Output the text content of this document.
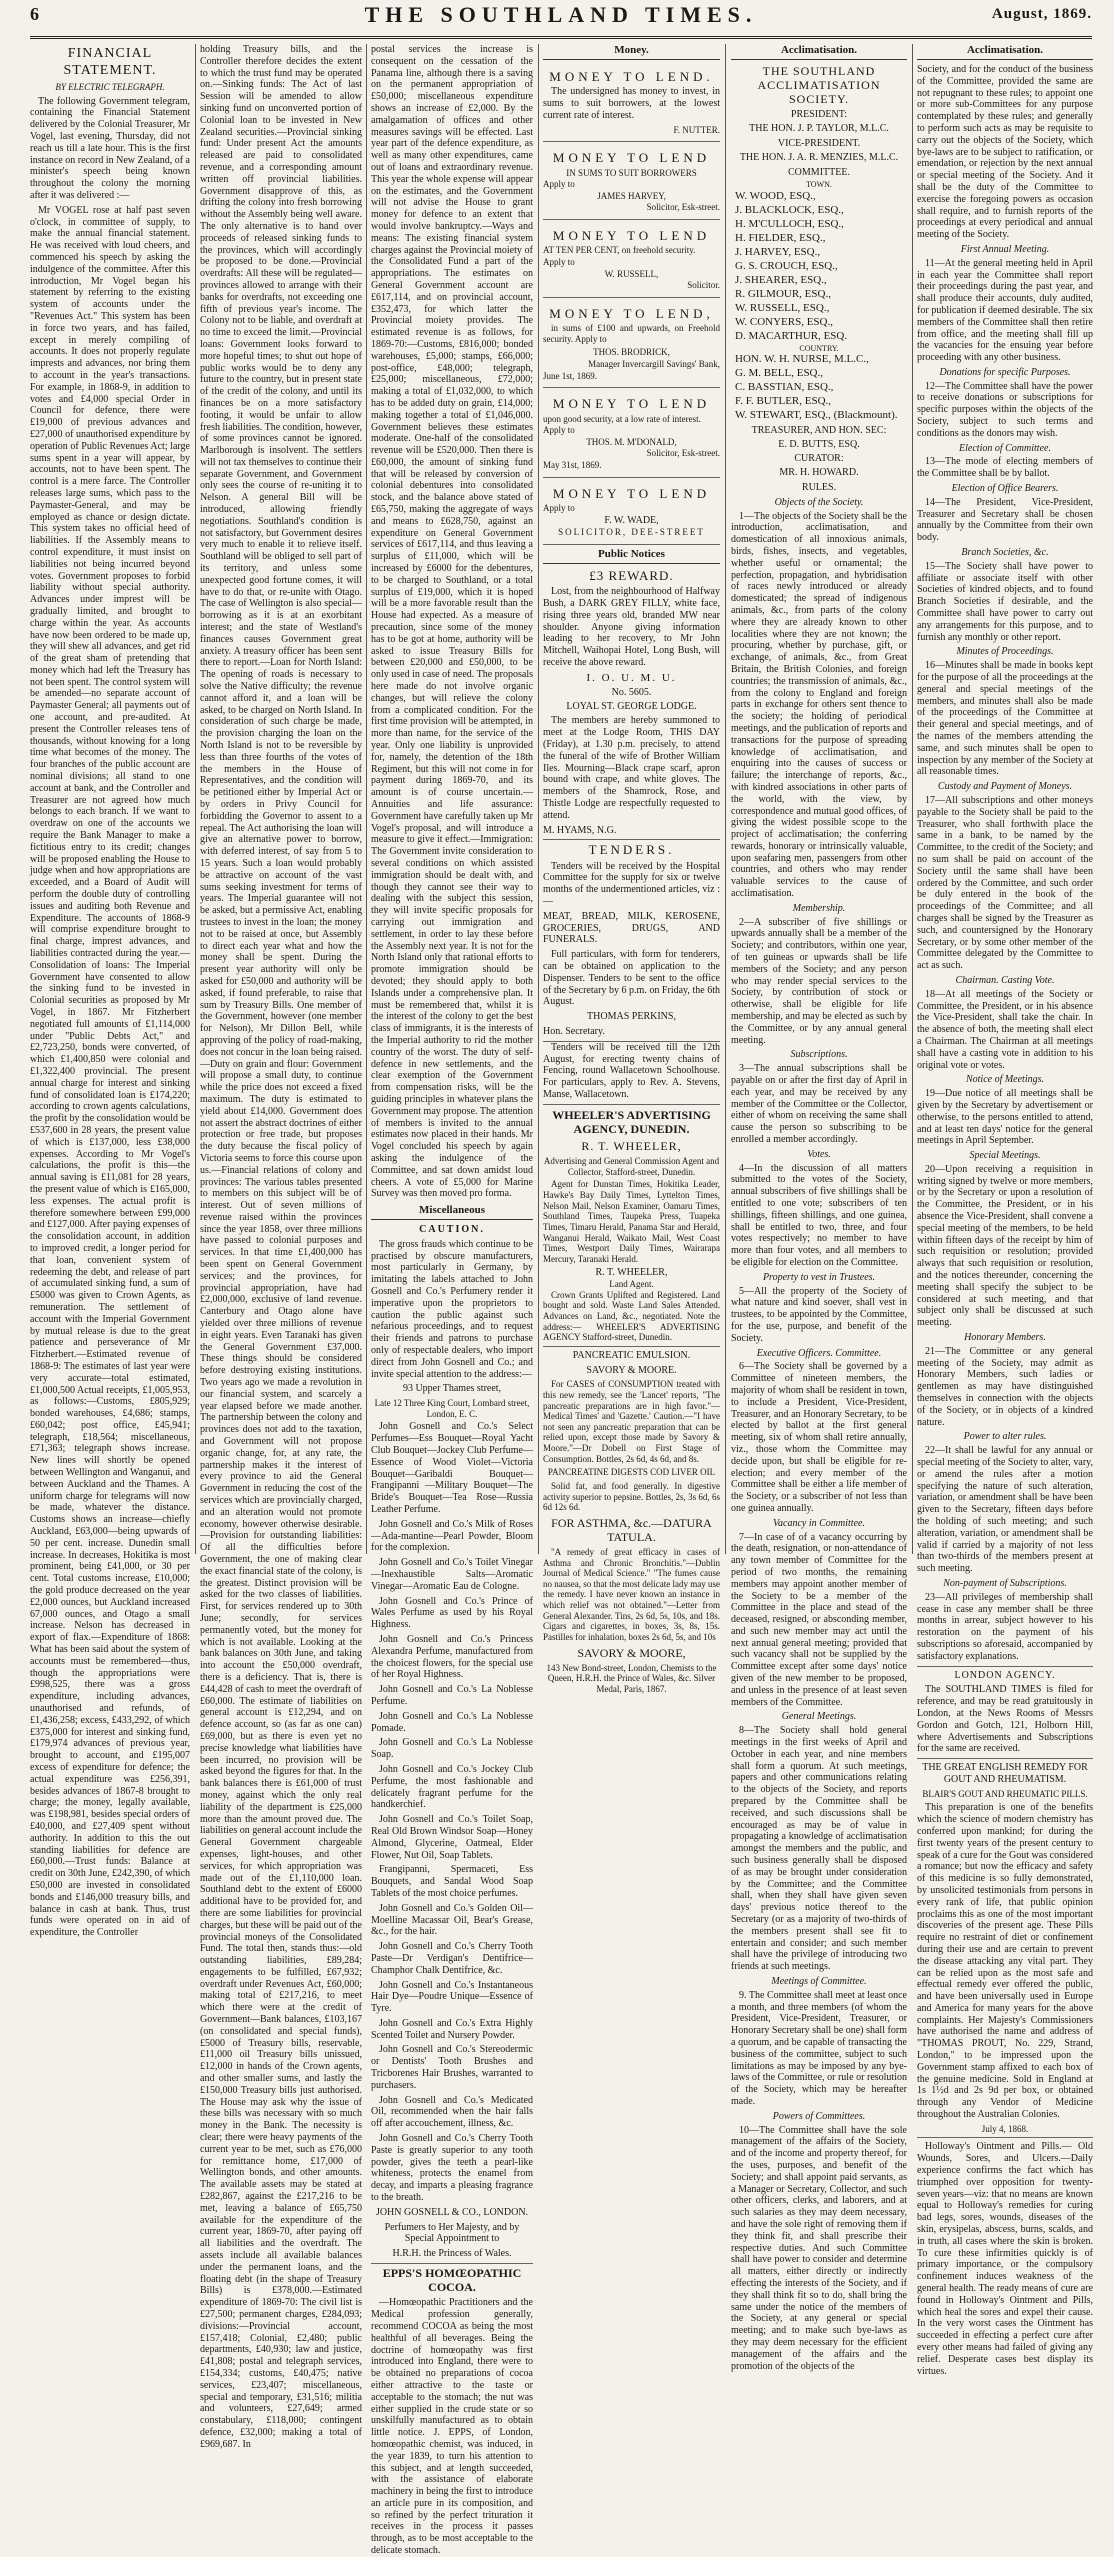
6	THE SOUTHLAND TIMES.	August, 1869.
FINANCIAL STATEMENT.
BY ELECTRIC TELEGRAPH.

The following Government telegram, containing the Financial Statement delivered by the Colonial Treasurer, Mr Vogel, last evening, Thursday, did not reach us till a late hour. This is the first instance on record in New Zealand, of a minister's speech being known throughout the colony the morning after it was delivered :—

Mr VOGEL rose at half past seven o'clock, in committee of supply, to make the annual financial statement. He was received with loud cheers, and commenced his speech by asking the indulgence of the committee. After this introduction, Mr Vogel began his statement by referring to the existing system of accounts under the "Revenues Act." This system has been in force two years, and has failed, except in merely compiling of accounts. It does not properly regulate imprests and advances, nor bring them to account in the year's transactions. For example, in 1868-9, in addition to votes and £4,000 special Order in Council for defence, there were £19,000 of previous advances and £27,000 of unauthorised expenditure by operation of Public Revenues Act; large sums spent in a year will appear, by accounts, not to have been spent. The control is a mere farce. The Controller releases large sums, which pass to the Paymaster-General, and may be employed as chance or design dictate. This system takes no official heed of liabilities. If the Assembly means to control expenditure, it must insist on liabilities not being incurred beyond votes. Government proposes to forbid liability without special authority. Advances under imprest will be gradually limited, and brought to charge within the year. As accounts have now been ordered to be made up, they will shew all advances, and get rid of the great sham of pretending that money which had left the Treasury has not been spent. The control system will be amended—no separate account of Paymaster General; all payments out of one account, and pre-audited. At present the Controller releases tens of thousands, without knowing for a long time what becomes of the money. The four branches of the public account are nominal divisions; all stand to one account at bank, and the Controller and Treasurer are not agreed how much belongs to each branch. If we want to overdraw on one of the accounts we require the Bank Manager to make a fictitious entry to its credit; changes will be proposed enabling the House to judge when and how appropriations are exceeded, and a Board of Audit will perform the double duty of controlling issues and auditing both Revenue and Expenditure. The accounts of 1868-9 will comprise expenditure brought to final charge, imprest advances, and liabilities contracted during the year.—Consolidation of loans: The Imperial Government have consented to allow the sinking fund to be invested in Colonial securities as proposed by Mr Vogel, in 1867. Mr Fitzherbert negotiated full amounts of £1,114,000 under "Public Debts Act," and £2,723,250, bonds were converted, of which £1,400,850 were colonial and £1,322,400 provincial. The present annual charge for interest and sinking fund of consolidated loan is £174,220; according to crown agents calculations, the profit by the consolidation would be £537,600 in 28 years, the present value of which is £137,000, less £38,000 expenses. According to Mr Vogel's calculations, the profit is this—the annual saving is £11,081 for 28 years, the present value of which is £165,000, less expenses. The actual profit is therefore somewhere between £99,000 and £127,000. After paying expenses of the consolidation account, in addition to improved credit, a longer period for that loan, convenient system of redeeming the debt, and release of part of accumulated sinking fund, a sum of £5000 was given to Crown Agents, as remuneration. The settlement of account with the Imperial Government by mutual release is due to the great patience and perseverance of Mr Fitzherbert.—Estimated revenue of 1868-9: The estimates of last year were very accurate—total estimated, £1,000,500 Actual receipts, £1,005,953, as follows:—Customs, £805,929; bonded warehouses, £4,686; stamps, £60,042; post office, £45,941; telegraph, £18,564; miscellaneous, £71,363; telegraph shows increase. New lines will shortly be opened between Wellington and Wanganui, and between Auckland and the Thames. A uniform charge for telegrams will now be made, whatever the distance. Customs shows an increase—chiefly Auckland, £63,000—being upwards of 50 per cent. increase. Dunedin small increase. In decreases, Hokitika is most prominent, being £41,000, or 30 per cent. Total customs increase, £10,000; the gold produce decreased on the year £2,000 ounces, but Auckland increased 67,000 ounces, and Otago a small increase. Nelson has decreased in export of flax.—Expenditure of 1868: What has been said about the system of accounts must be remembered—thus, though the appropriations were £998,525, there was a gross expenditure, including advances, unauthorised and refunds, of £1,436,258; excess, £433,292, of which £375,000 for interest and sinking fund, £179,974 advances of previous year, brought to account, and £195,007 excess of expenditure for defence; the actual expenditure was £256,391, besides advances of 1867-8 brought to charge; the money, legally available, was £198,981, besides special orders of £40,000, and £27,409 spent without authority. In addition to this the out standing liabilities for defence are £60,000.—Trust funds: Balance at credit on 30th June, £242,390, of which £50,000 are invested in consolidated bonds and £146,000 treasury bills, and balance in cash at bank. Thus, trust funds were operated on in aid of expenditure, the Controller

holding Treasury bills, and the Controller therefore decides the extent to which the trust fund may be operated on.—Sinking funds: The Act of last Session will be amended to allow sinking fund on unconverted portion of Colonial loan to be invested in New Zealand securities.—Provincial sinking fund: Under present Act the amounts released are paid to consolidated revenue, and a corresponding amount written off provincial liabilities. Government disapprove of this, as drifting the colony into fresh borrowing without the Assembly being well aware. The only alternative is to hand over proceeds of released sinking funds to the provinces, which will accordingly be proposed to be done.—Provincial overdrafts: All these will be regulated—provinces allowed to arrange with their banks for overdrafts, not exceeding one fifth of previous year's income. The Colony not to be liable, and overdraft at no time to exceed the limit.—Provincial loans: Government looks forward to more hopeful times; to shut out hope of public works would be to deny any future to the country, but in present state of the credit of the colony, and until its finances be on a more satisfactory footing, it would be unfair to allow fresh liabilities. The condition, however, of some provinces cannot be ignored. Marlborough is insolvent. The settlers will not tax themselves to continue their separate Government, and Government only sees the course of re-uniting it to Nelson. A general Bill will be introduced, allowing friendly negotiations. Southland's condition is not satisfactory, but Government desires very much to enable it to relieve itself. Southland will be obliged to sell part of its territory, and unless some unexpected good fortune comes, it will have to do that, or re-unite with Otago. The case of Wellington is also special—borrowing as it is at an exorbitant interest; and the state of Westland's finances causes Government great anxiety. A treasury officer has been sent there to report.—Loan for North Island: The opening of roads is necessary to solve the Native difficulty; the revenue cannot afford it, and a loan will be asked, to be charged on North Island. In consideration of such charge be made, the provision charging the loan on the North Island is not to be reversible by less than three fourths of the votes of the members in the House of Representatives, and the condition will be petitioned either by Imperial Act or by orders in Privy Council for forbidding the Governor to assent to a repeal. The Act authorising the loan will give an alternative power to borrow, with deferred interest, of say from 5 to 15 years. Such a loan would probably be attractive on account of the vast sums seeking investment for terms of years. The Imperial guarantee will not be asked, but a permissive Act, enabling trustees to invest in the loan; the money not to be raised at once, but Assembly to direct each year what and how the money shall be spent. During the present year authority will only be asked for £50,000 and authority will be asked, if found preferable, to raise that sum by Treasury Bills. One member of the Government, however (one member for Nelson), Mr Dillon Bell, while approving of the policy of road-making, does not concur in the loan being raised.—Duty on grain and flour: Government will propose a small duty, to continue while the price does not exceed a fixed maximum. The duty is estimated to yield about £14,000. Government does not assert the abstract doctrines of either protection or free trade, but proposes the duty because the fiscal policy of Victoria seems to force this course upon us.—Financial relations of colony and provinces: The various tables presented to members on this subject will be of interest. Out of seven millions of revenue raised within the provinces since the year 1858, over three millions have passed to colonial purposes and services. In that time £1,400,000 has been spent on General Government services; and the provinces, for provincial appropriation, have had £2,000,000, exclusive of land revenue. Canterbury and Otago alone have yielded over three millions of revenue in eight years. Even Taranaki has given the General Government £37,000. These things should be considered before destroying existing institutions. Two years ago we made a revolution in our financial system, and scarcely a year elapsed before we made another. The partnership between the colony and provinces does not add to the taxation, and Government will not propose organic change, for, at any rate, the partnership makes it the interest of every province to aid the General Government in reducing the cost of the services which are provincially charged, and an alteration would not promote economy, however otherwise desirable.—Provision for outstanding liabilities: Of all the difficulties before Government, the one of making clear the exact financial state of the colony, is the greatest. Distinct provision will be asked for the two classes of liabilities. First, for services rendered up to 30th June; secondly, for services permanently voted, but the money for which is not available. Looking at the bank balances on 30th June, and taking into account the £50,000 overdraft, there is a deficiency. That is, there is £44,428 of cash to meet the overdraft of £60,000. The estimate of liabilities on general account is £12,294, and on defence account, so (as far as one can) £69,000, but as there is even yet no precise knowledge what liabilities have been incurred, no provision will be asked beyond the figures for that. In the bank balances there is £61,000 of trust money, against which the only real liability of the department is £25,000 more than the amount proved due. The liabilities on general account include the General Government chargeable expenses, light-houses, and other services, for which appropriation was made out of the £1,110,000 loan. Southland debt to the extent of £6000 additional have to be provided for, and there are some liabilities for provincial charges, but these will be paid out of the provincial moneys of the Consolidated Fund. The total then, stands thus:—old outstanding liabilities, £89,284; engagements to be fulfilled, £67,932; overdraft under Revenues Act, £60,000; making total of £217,216, to meet which there were at the credit of Government—Bank balances, £103,167 (on consolidated and special funds), £5000 of Treasury bills, reservable, £11,000 oil Treasury bills unissued, £12,000 in hands of the Crown agents, and other smaller sums, and lastly the £150,000 Treasury bills just authorised. The House may ask why the issue of these bills was necessary with so much money in the Bank. The necessity is clear; there were heavy payments of the current year to be met, such as £76,000 for remittance home, £17,000 of Wellington bonds, and other amounts. The available assets may be stated at £282,867, against the £217,216 to be met, leaving a balance of £65,750 available for the expenditure of the current year, 1869-70, after paying off all liabilities and the overdraft. The assets include all available balances under the permanent loans, and the floating debt (in the shape of Treasury Bills) is £378,000.—Estimated expenditure of 1869-70: The civil list is £27,500; permanent charges, £284,093; divisions:—Provincial account, £157,418; Colonial, £2,480; public departments, £40,930; law and justice, £41,808; postal and telegraph services, £154,334; customs, £40,475; native services, £23,407; miscellaneous, special and temporary, £31,516; militia and volunteers, £27,649; armed constabulary, £118,000; contingent defence, £32,000; making a total of £969,687. In

postal services the increase is consequent on the cessation of the Panama line, although there is a saving on the permanent appropriation of £50,000; miscellaneous expenditure shows an increase of £2,000. By the amalgamation of offices and other measures savings will be effected. Last year part of the defence expenditure, as well as many other expenditures, came out of loans and extraordinary revenue. This year the whole expense will appear on the estimates, and the Government will not advise the House to grant money for defence to an extent that would involve bankruptcy.—Ways and means: The existing financial system charges against the Provincial moiety of the Consolidated Fund a part of the appropriations. The estimates on General Government account are £617,114, and on provincial account, £352,473, for which latter the Provincial moiety provides. The estimated revenue is as follows, for 1869-70:—Customs, £816,000; bonded warehouses, £5,000; stamps, £66,000; post-office, £48,000; telegraph, £25,000; miscellaneous, £72,000; making a total of £1,032,000, to which has to be added duty on grain, £14,000; making together a total of £1,046,000. Government believes these estimates moderate. One-half of the consolidated revenue will be £520,000. Then there is £60,000, the amount of sinking fund that will be released by conversion of colonial debentures into consolidated stock, and the balance above stated of £65,750, making the aggregate of ways and means to £628,750, against an expenditure on General Government services of £617,114, and thus leaving a surplus of £11,000, which will be increased by £6000 for the debentures, to be charged to Southland, or a total surplus of £19,000, which it is hoped will be a more favorable result than the House had expected. As a measure of precaution, since some of the money has to be got at home, authority will be asked to issue Treasury Bills for between £20,000 and £50,000, to be only used in case of need. The proposals here made do not involve organic changes, but will relieve the colony from a complicated condition. For the first time provision will be attempted, in more than name, for the service of the year. Only one liability is unprovided for, namely, the detention of the 18th Regiment, but this will not come in for payment during 1869-70, and its amount is of course uncertain.—Annuities and life assurance: Government have carefully taken up Mr Vogel's proposal, and will introduce a measure to give it effect.—Immigration: The Government invite consideration to several conditions on which assisted immigration should be dealt with, and though they cannot see their way to dealing with the subject this session, they will invite specific proposals for carrying out immigration and settlement, in order to lay these before the Assembly next year. It is not for the North Island only that rational efforts to promote immigration should be devoted; they should apply to both Islands under a comprehensive plan. It must be remembered that, whilst it is the interest of the colony to get the best class of immigrants, it is the interests of the Imperial authority to rid the mother country of the worst. The duty of self-defence in new settlements, and the clear exemption of the Government from compensation risks, will be the guiding principles in whatever plans the Government may propose. The attention of members is invited to the annual estimates now placed in their hands. Mr Vogel concluded his speech by again asking the indulgence of the Committee, and sat down amidst loud cheers. A vote of £5,000 for Marine Survey was then moved pro forma.

Miscellaneous
CAUTION.

The gross frauds which continue to be practised by obscure manufacturers, most particularly in Germany, by imitating the labels attached to John Gosnell and Co.'s Perfumery render it imperative upon the proprietors to caution the public against such nefarious proceedings, and to request their friends and patrons to purchase only of respectable dealers, who import direct from John Gosnell and Co.; and invite special attention to the address:—

93 Upper Thames street,
Late 12 Three King Court, Lombard street, London, E. C.

John Gosnell and Co.'s Select Perfumes—Ess Bouquet—Royal Yacht Club Bouquet—Jockey Club Perfume—Essence of Wood Violet—Victoria Bouquet—Garibaldi Bouquet—Frangipanni —Military Bouquet—The Bride's Bouquet—Tea Rose—Russia Leather Perfume.

John Gosnell and Co.'s Milk of Roses—Ada-mantine—Pearl Powder, Bloom for the complexion.

John Gosnell and Co.'s Toilet Vinegar—Inexhaustible Salts—Aromatic Vinegar—Aromatic Eau de Cologne.

John Gosnell and Co.'s Prince of Wales Perfume as used by his Royal Highness.

John Gosnell and Co.'s Princess Alexandra Perfume, manufactured from the choicest flowers, for the special use of her Royal Highness.

John Gosnell and Co.'s La Noblesse Perfume.

John Gosnell and Co.'s La Noblesse Pomade.

John Gosnell and Co.'s La Noblesse Soap.

John Gosnell and Co.'s Jockey Club Perfume, the most fashionable and delicately fragrant perfume for the handkerchief.

John Gosnell and Co.'s Toilet Soap, Real Old Brown Windsor Soap—Honey Almond, Glycerine, Oatmeal, Elder Flower, Nut Oil, Soap Tablets.

Frangipanni, Spermaceti, Ess Bouquets, and Sandal Wood Soap Tablets of the most choice perfumes.

John Gosnell and Co.'s Golden Oil—Moelline Macassar Oil, Bear's Grease, &c., for the hair.

John Gosnell and Co.'s Cherry Tooth Paste—Dr Verdigan's Dentifrice—Champhor Chalk Dentifrice, &c.

John Gosnell and Co.'s Instantaneous Hair Dye—Poudre Unique—Essence of Tyre.

John Gosnell and Co.'s Extra Highly Scented Toilet and Nursery Powder.

John Gosnell and Co.'s Stereodermic or Dentists' Tooth Brushes and Tricborenes Hair Brushes, warranted to purchasers.

John Gosnell and Co.'s Medicated Oil, recommended when the hair falls off after accouchement, illness, &c.

John Gosnell and Co.'s Cherry Tooth Paste is greatly superior to any tooth powder, gives the teeth a pearl-like whiteness, protects the enamel from decay, and imparts a pleasing fragrance to the breath.

JOHN GOSNELL & CO., LONDON.
Perfumers to Her Majesty, and by Special Appointment to
H.R.H. the Princess of Wales.
EPPS'S HOMŒOPATHIC COCOA.

—Homœopathic Practitioners and the Medical profession generally, recommend COCOA as being the most healthful of all beverages. Being the doctrine of homœopathy was first introduced into England, there were to be obtained no preparations of cocoa either attractive to the taste or acceptable to the stomach; the nut was either supplied in the crude state or so unskilfully manufactured as to obtain little notice. J. EPPS, of London, homœopathic chemist, was induced, in the year 1839, to turn his attention to this subject, and at length succeeded, with the assistance of elaborate machinery in being the first to introduce an article pure in its composition, and so refined by the perfect trituration it receives in the process it passes through, as to be most acceptable to the delicate stomach.

Money.
MONEY TO LEND.

The undersigned has money to invest, in sums to suit borrowers, at the lowest current rate of interest.

F. NUTTER.
MONEY TO LEND
IN SUMS TO SUIT BORROWERS
Apply to
JAMES HARVEY,
Solicitor, Esk-street.
MONEY TO LEND
AT TEN PER CENT, on freehold security.
Apply to
W. RUSSELL,
Solicitor.
MONEY TO LEND,

in sums of £100 and upwards, on Freehold security. Apply to

THOS. BRODRICK,
Manager Invercargill Savings' Bank,
June 1st, 1869.
MONEY TO LEND
upon good security, at a low rate of interest.
Apply to
THOS. M. M'DONALD,
Solicitor, Esk-street.
May 31st, 1869.
MONEY TO LEND
Apply to
F. W. WADE,
SOLICITOR, DEE-STREET
Public Notices
£3 REWARD.

Lost, from the neighbourhood of Halfway Bush, a DARK GREY FILLY, white face, rising three years old, branded MW near shoulder. Anyone giving information leading to her recovery, to Mr John Mitchell, Waihopai Hotel, Long Bush, will receive the above reward.

I. O. U. M. U.
No. 5605.
LOYAL ST. GEORGE LODGE.

The members are hereby summoned to meet at the Lodge Room, THIS DAY (Friday), at 1.30 p.m. precisely, to attend the funeral of the wife of Brother William Iles. Mourning—Black crape scarf, apron bound with crape, and white gloves. The members of the Shamrock, Rose, and Thistle Lodge are respectfully requested to attend.

M. HYAMS, N.G.
TENDERS.

Tenders will be received by the Hospital Committee for the supply for six or twelve months of the undermentioned articles, viz :—

MEAT, BREAD, MILK, KEROSENE, GROCERIES, DRUGS, AND FUNERALS.

Full particulars, with form for tenderers, can be obtained on application to the Dispenser. Tenders to be sent to the office of the Secretary by 6 p.m. on Friday, the 6th August.

THOMAS PERKINS,
Hon. Secretary.

Tenders will be received till the 12th August, for erecting twenty chains of Fencing, round Wallacetown Schoolhouse. For particulars, apply to Rev. A. Stevens, Manse, Wallacetown.

WHEELER'S ADVERTISING AGENCY, DUNEDIN.
R. T. WHEELER,
Advertising and General Commission Agent and Collector, Stafford-street, Dunedin.

Agent for Dunstan Times, Hokitika Leader, Hawke's Bay Daily Times, Lyttelton Times, Nelson Mail, Nelson Examiner, Oamaru Times, Southland Times, Taupeka Press, Tuapeka Times, Timaru Herald, Panama Star and Herald, Wanganui Herald, Waikato Mail, West Coast Times, Westport Daily Times, Wairarapa Mercury, Taranaki Herald.

R. T. WHEELER,
Land Agent.

Crown Grants Uplifted and Registered. Land bought and sold. Waste Land Sales Attended. Advances on Land, &c., negotiated. Note the address:— WHEELER'S ADVERTISING AGENCY Stafford-street, Dunedin.

PANCREATIC EMULSION.
SAVORY & MOORE.

For CASES of CONSUMPTION treated with this new remedy, see the 'Lancet' reports, "The pancreatic preparations are in high favor."— Medical Times' and 'Gazette.' Caution.—"I have not seen any pancreatic preparation that can be relied upon, except those made by Savory & Moore."—Dr Dobell on First Stage of Consumption. Bottles, 2s 6d, 4s 6d, and 8s.

PANCREATINE DIGESTS COD LIVER OIL

Solid fat, and food generally. In digestive activity superior to pepsine. Bottles, 2s, 3s 6d, 6s 6d 12s 6d.

FOR ASTHMA, &c.—DATURA TATULA.

"A remedy of great efficacy in cases of Asthma and Chronic Bronchitis."—Dublin Journal of Medical Science." "The fumes cause no nausea, so that the most delicate lady may use the remedy. I have never known an instance in which relief was not obtained."—Letter from General Alexander. Tins, 2s 6d, 5s, 10s, and 18s. Cigars and cigarettes, in boxes, 3s, 8s, 15s. Pastilles for inhalation, boxes 2s 6d, 5s, and 10s

SAVORY & MOORE,
143 New Bond-street, London, Chemists to the Queen, H.R.H. the Prince of Wales, &c. Silver Medal, Paris, 1867.
Acclimatisation.
THE SOUTHLAND ACCLIMATISATION SOCIETY.
PRESIDENT:
THE HON. J. P. TAYLOR, M.L.C.
VICE-PRESIDENT.
THE HON. J. A. R. MENZIES, M.L.C.
COMMITTEE.
TOWN.
W. WOOD, ESQ.,
J. BLACKLOCK, ESQ.,
H. M'CULLOCH, ESQ.,
H. FIELDER, ESQ.,
J. HARVEY, ESQ.,
G. S. CROUCH, ESQ.,
J. SHEARER, ESQ.,
R. GILMOUR, ESQ.,
W. RUSSELL, ESQ.,
W. CONYERS, ESQ.,
D. MACARTHUR, ESQ.
COUNTRY.
HON. W. H. NURSE, M.L.C.,
G. M. BELL, ESQ.,
C. BASSTIAN, ESQ.,
F. F. BUTLER, ESQ.,
W. STEWART, ESQ., (Blackmount).
TREASURER, AND HON. SEC:
E. D. BUTTS, ESQ.
CURATOR:
MR. H. HOWARD.
RULES.
Objects of the Society.

1—The objects of the Society shall be the introduction, acclimatisation, and domestication of all innoxious animals, birds, fishes, insects, and vegetables, whether useful or ornamental; the perfection, propagation, and hybridisation of races newly introduced or already domesticated; the spread of indigenous animals, &c., from parts of the colony where they are already known to other localities where they are not known; the procuring, whether by purchase, gift, or exchange, of animals, &c., from Great Britain, the British Colonies, and foreign countries; the transmission of animals, &c., from the colony to England and foreign parts in exchange for others sent thence to the society; the holding of periodical meetings, and the publication of reports and transactions for the purpose of spreading knowledge of acclimatisation, and enquiring into the causes of success or failure; the interchange of reports, &c., with kindred associations in other parts of the world, with the view, by correspondence and mutual good offices, of giving the widest possible scope to the project of acclimatisation; the conferring rewards, honorary or intrinsically valuable, upon seafaring men, passengers from other countries, and others who may render valuable services to the cause of acclimatisation.

Membership.

2—A subscriber of five shillings or upwards annually shall be a member of the Society; and contributors, within one year, of ten guineas or upwards shall be life members of the Society; and any person who may render special services to the Society, by contribution of stock or otherwise, shall be eligible for life membership, and may be elected as such by the Committee, or by any annual general meeting.

Subscriptions.

3—The annual subscriptions shall be payable on or after the first day of April in each year, and may be received by any member of the Committee or the Collector, either of whom on receiving the same shall cause the person so subscribing to be enrolled a member accordingly.

Votes.

4—In the discussion of all matters submitted to the votes of the Society, annual subscribers of five shillings shall be entitled to one vote; subscribers of ten shillings, fifteen shillings, and one guinea, shall be entitled to two, three, and four votes respectively; no member to have more than four votes, and all members to be eligible for election on the Committee.

Property to vest in Trustees.

5—All the property of the Society of what nature and kind soever, shall vest in trustees, to be appointed by the Committee, for the use, purpose, and benefit of the Society.

Executive Officers. Committee.

6—The Society shall be governed by a Committee of nineteen members, the majority of whom shall be resident in town, to include a President, Vice-President, Treasurer, and an Honorary Secretary, to be elected by ballot at the first general meeting, six of whom shall retire annually, viz., those whom the Committee may decide upon, but shall be eligible for re-election; and every member of the Committee shall be either a life member of the Society, or a subscriber of not less than one guinea annually.

Vacancy in Committee.

7—In case of of a vacancy occurring by the death, resignation, or non-attendance of any town member of Committee for the period of two months, the remaining members may appoint another member of the Society to be a member of the Committee in the place and stead of the deceased, resigned, or absconding member, and such new member may act until the next annual general meeting; provided that such vacancy shall not be supplied by the Committee except after some days' notice given of the new member to be proposed, and unless in the presence of at least seven members of the Committee.

General Meetings.

8—The Society shall hold general meetings in the first weeks of April and October in each year, and nine members shall form a quorum. At such meetings, papers and other communications relating to the objects of the Society, and reports prepared by the Committee shall be received, and such discussions shall be encouraged as may be of value in propagating a knowledge of acclimatisation amongst the members and the public, and such business generally shall be disposed of as may be brought under consideration by the Committee; and the Committee shall, when they shall have given seven days' previous notice thereof to the Secretary (or as a majority of two-thirds of the members present shall see fit to entertain and consider; and such member shall have the privilege of introducing two friends at such meetings.

Meetings of Committee.

9. The Committee shall meet at least once a month, and three members (of whom the President, Vice-President, Treasurer, or Honorary Secretary shall be one) shall form a quorum, and be capable of transacting the business of the committee, subject to such limitations as may be imposed by any bye-laws of the Committee, or rule or resolution of the Society, which may be hereafter made.

Powers of Committees.

10—The Committee shall have the sole management of the affairs of the Society, and of the income and property thereof, for the uses, purposes, and benefit of the Society; and shall appoint paid servants, as a Manager or Secretary, Collector, and such other officers, clerks, and laborers, and at such salaries as they may deem necessary, and have the sole right of removing them if they think fit, and shall prescribe their respective duties. And such Committee shall have power to consider and determine all matters, either directly or indirectly effecting the interests of the Society, and if they shall think fit so to do, shall bring the same under the notice of the members of the Society, at any general or special meeting; and to make such bye-laws as they may deem necessary for the efficient management of the affairs and the promotion of the objects of the

Acclimatisation.

Society, and for the conduct of the business of the Committee, provided the same are not repugnant to these rules; to appoint one or more sub-Committees for any purpose contemplated by these rules; and generally to perform such acts as may be requisite to carry out the objects of the Society, which bye-laws are to be subject to ratification, or emendation, or rejection by the next annual or special meeting of the Society. And it shall be the duty of the Committee to exercise the foregoing powers as occasion shall require, and to furnish reports of the proceedings at every periodical and annual meeting of the Society.

First Annual Meeting.

11—At the general meeting held in April in each year the Committee shall report their proceedings during the past year, and shall produce their accounts, duly audited, for publication if deemed desirable. The six members of the Committee shall then retire from office, and the meeting shall fill up the vacancies for the ensuing year before proceeding with any other business.

Donations for specific Purposes.

12—The Committee shall have the power to receive donations or subscriptions for specific purposes within the objects of the Society, subject to such terms and conditions as the donors may wish.

Election of Committee.

13—The mode of electing members of the Committee shall be by ballot.

Election of Office Bearers.

14—The President, Vice-President, Treasurer and Secretary shall be chosen annually by the Committee from their own body.

Branch Societies, &c.

15—The Society shall have power to affiliate or associate itself with other Societies of kindred objects, and to found Branch Societies if desirable, and the Committee shall have power to carry out any arrangements for this purpose, and to furnish any monthly or other report.

Minutes of Proceedings.

16—Minutes shall be made in books kept for the purpose of all the proceedings at the general and special meetings of the members, and minutes shall also be made of the proceedings of the Committee at their general and special meetings, and of the names of the members attending the same, and such minutes shall be open to inspection by any member of the Society at all reasonable times.

Custody and Payment of Moneys.

17—All subscriptions and other moneys payable to the Society shall be paid to the Treasurer, who shall forthwith place the same in a bank, to be named by the Committee, to the credit of the Society; and no sum shall be paid on account of the Society until the same shall have been ordered by the Committee, and such order be duly entered in the book of the proceedings of the Committee; and all charges shall be signed by the Treasurer as such, and countersigned by the Honorary Secretary, or by some other member of the Committee delegated by the Committee to act as such.

Chairman. Casting Vote.

18—At all meetings of the Society or Committee, the President, or in his absence the Vice-President, shall take the chair. In the absence of both, the meeting shall elect a Chairman. The Chairman at all meetings shall have a casting vote in addition to his original vote or votes.

Notice of Meetings.

19—Due notice of all meetings shall be given by the Secretary by advertisement or otherwise, to the persons entitled to attend, and at least ten days' notice for the general meetings in April September.

Special Meetings.

20—Upon receiving a requisition in writing signed by twelve or more members, or by the Secretary or upon a resolution of the Committee, the President, or in his absence the Vice-President, shall convene a special meeting of the members, to be held within fifteen days of the receipt by him of such requisition or resolution; provided always that such requisition or resolution, and the notices thereunder, concerning the meeting shall specify the subject to be considered at such meeting, and that subject only shall be discussed at such meeting.

Honorary Members.

21—The Committee or any general meeting of the Society, may admit as Honorary Members, such ladies or gentlemen as may have distinguished themselves in connection with the objects of the Society, or in objects of a kindred nature.

Power to alter rules.

22—It shall be lawful for any annual or special meeting of the Society to alter, vary, or amend the rules after a motion specifying the nature of such alteration, variation, or amendment shall be have been given to the Secretary, fifteen days before the holding of such meeting; and such alteration, variation, or amendment shall be valid if carried by a majority of not less than two-thirds of the members present at such meeting.

Non-payment of Subscriptions.

23—All privileges of membership shall cease in case any member shall be three months in arrear, subject however to his restoration on the payment of his subscriptions so aforesaid, accompanied by satisfactory explanations.

LONDON AGENCY.

The SOUTHLAND TIMES is filed for reference, and may be read gratuitously in London, at the News Rooms of Messrs Gordon and Gotch, 121, Holborn Hill, where Advertisements and Subscriptions for the same are received.

THE GREAT ENGLISH REMEDY FOR GOUT AND RHEUMATISM.
BLAIR'S GOUT AND RHEUMATIC PILLS.

This preparation is one of the benefits which the science of modern chemistry has conferred upon mankind; for during the first twenty years of the present century to speak of a cure for the Gout was considered a romance; but now the efficacy and safety of this medicine is so fully demonstrated, by unsolicited testimonials from persons in every rank of life, that public opinion proclaims this as one of the most important discoveries of the present age. These Pills require no restraint of diet or confinement during their use and are certain to prevent the disease attacking any vital part. They can be relied upon as the most safe and effectual remedy ever offered the public, and have been universally used in Europe and America for many years for the above complaints. Her Majesty's Commissioners have authorised the name and address of "THOMAS PROUT, No. 229, Strand, London," to be impressed upon the Government stamp affixed to each box of the genuine medicine. Sold in England at 1s 1½d and 2s 9d per box, or obtained through any Vendor of Medicine throughout the Australian Colonies.

July 4, 1868.

Holloway's Ointment and Pills.— Old Wounds, Sores, and Ulcers.—Daily experience confirms the fact which has triumphed over opposition for twenty-seven years—viz: that no means are known equal to Holloway's remedies for curing bad legs, sores, wounds, diseases of the skin, erysipelas, abscess, burns, scalds, and in truth, all cases where the skin is broken. To cure these infirmities quickly is of primary importance, or the compulsory confinement induces weakness of the general health. The ready means of cure are found in Holloway's Ointment and Pills, which heal the sores and expel their cause. In the very worst cases the Ointment has succeeded in effecting a perfect cure after every other means had failed of giving any relief. Desperate cases best display its virtues.
